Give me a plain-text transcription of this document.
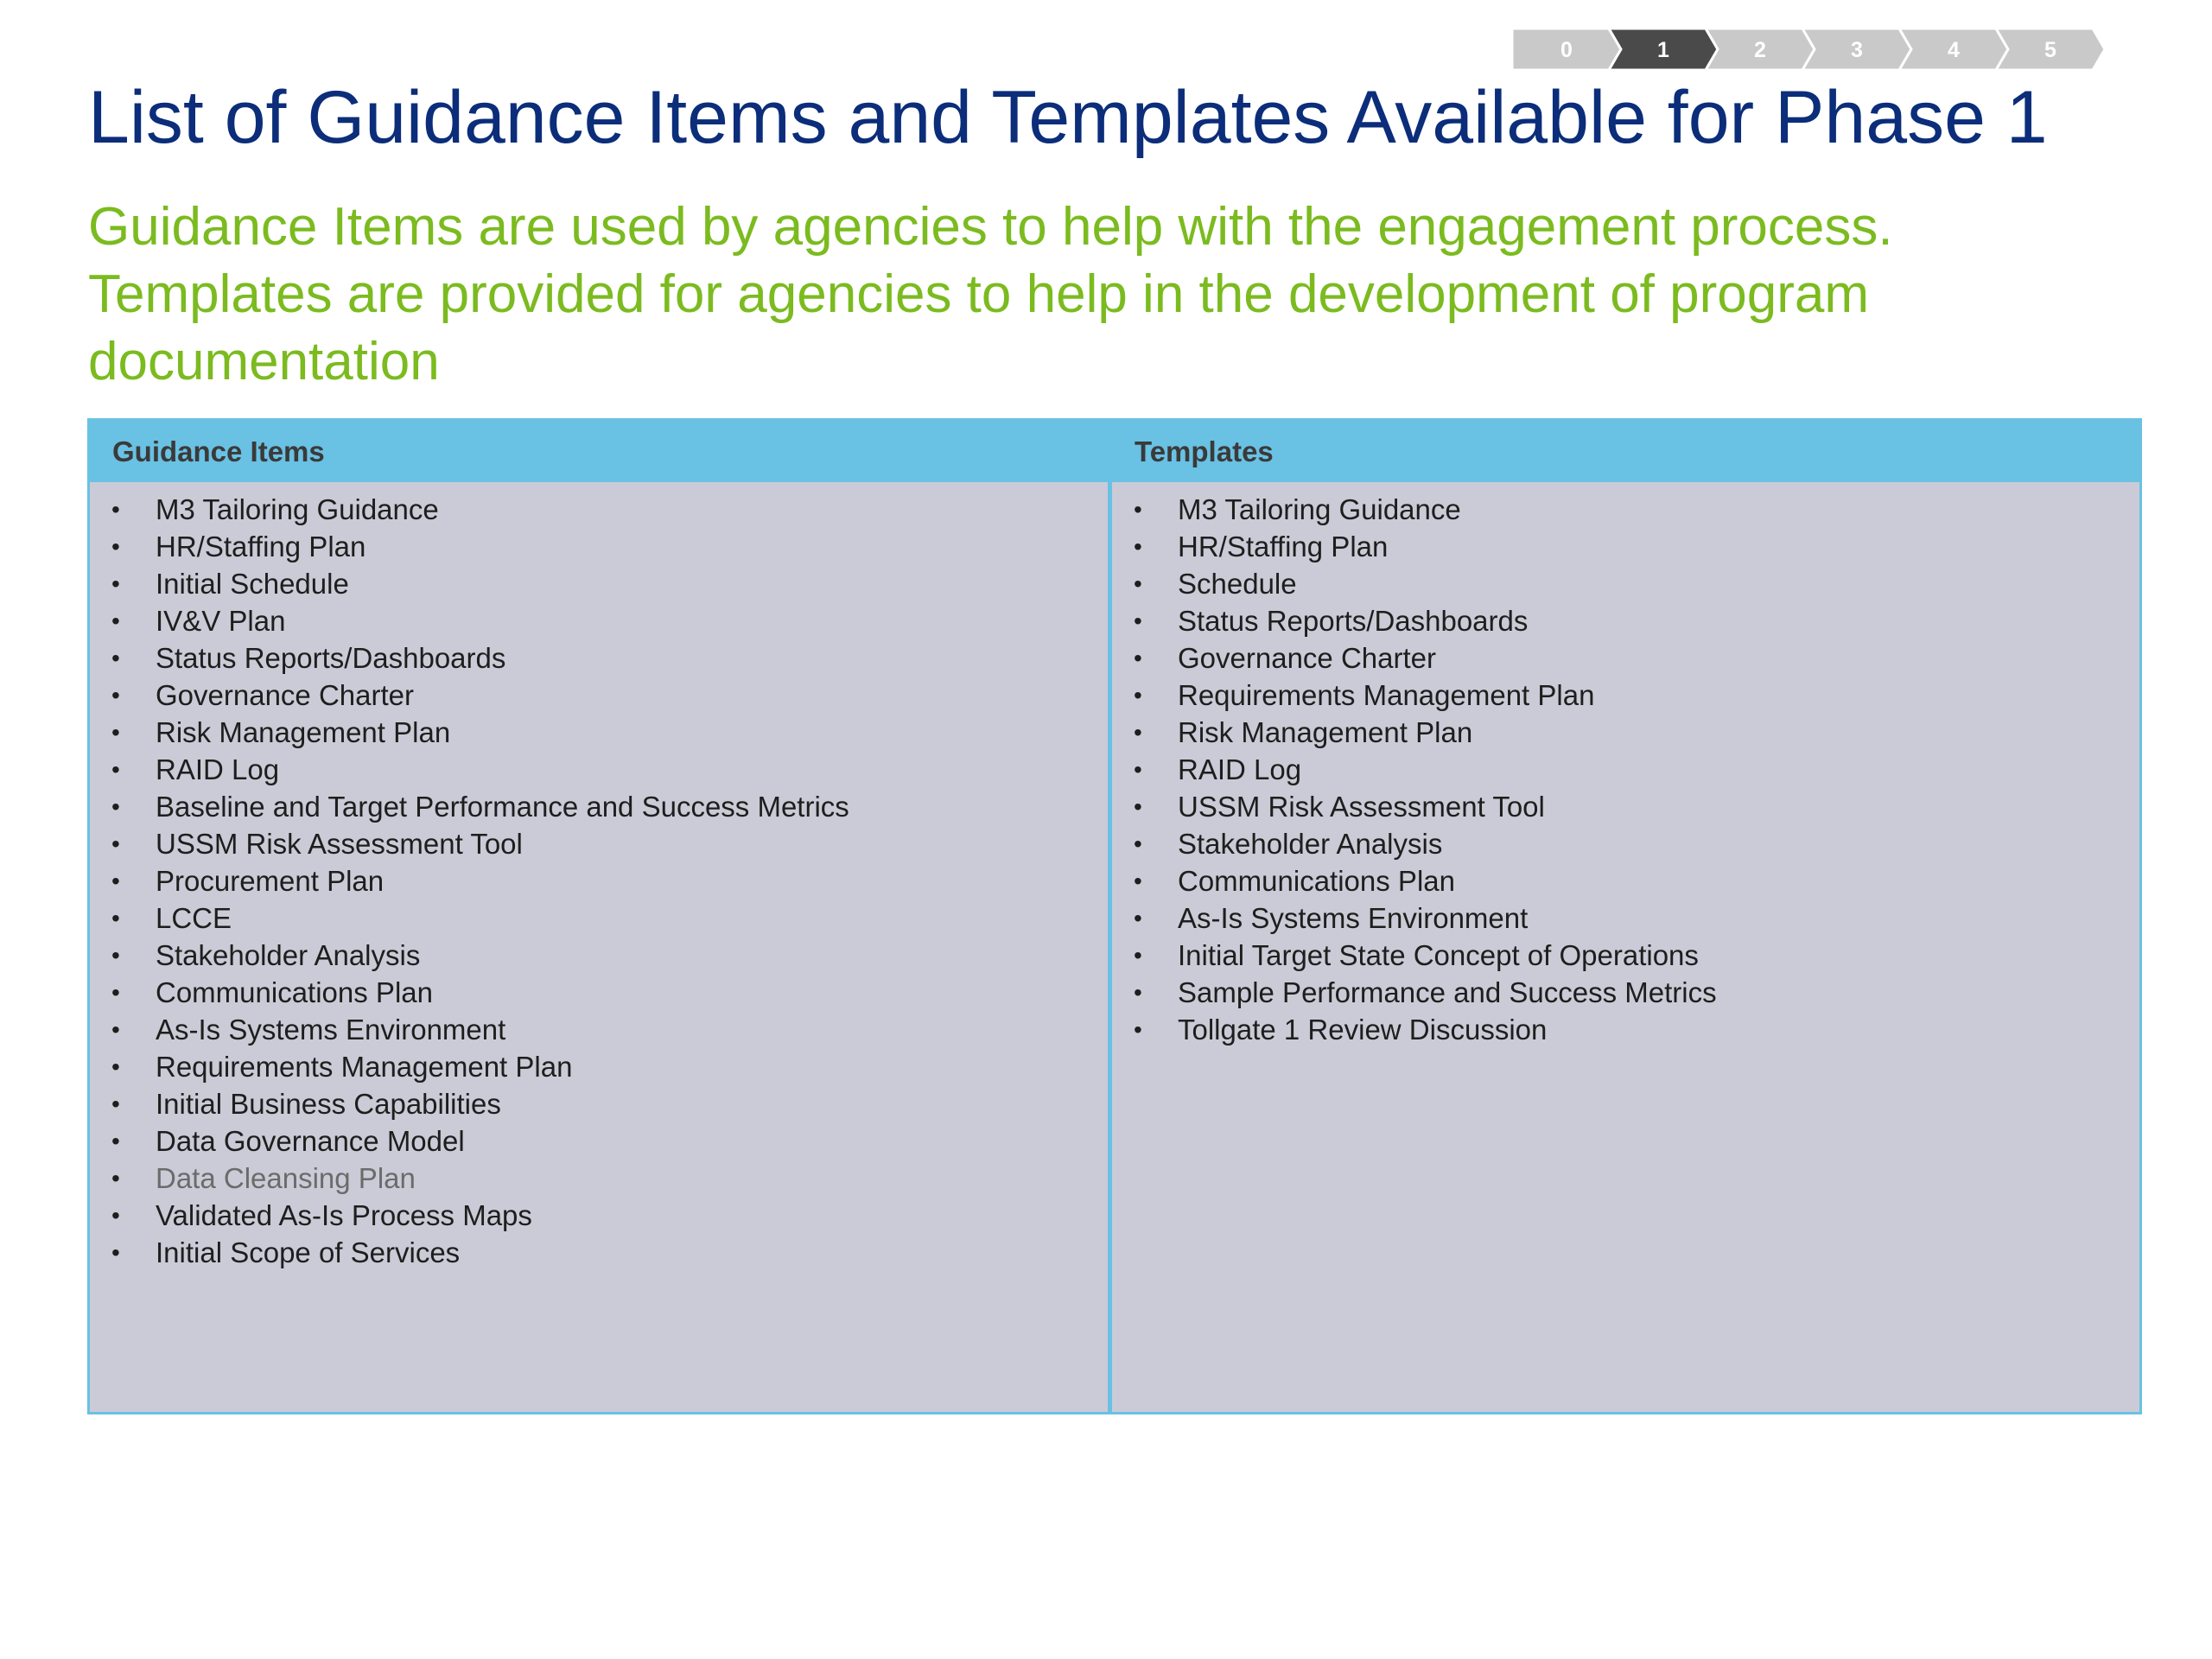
0	1	2	3	4	5
List of Guidance Items and Templates Available for Phase 1
Guidance Items are used by agencies to help with the engagement process.
Templates are provided for agencies to help in the development of program
documentation
Guidance Items
• M3 Tailoring Guidance
• HR/Staffing Plan
• Initial Schedule
• IV&V Plan
• Status Reports/Dashboards
• Governance Charter
• Risk Management Plan
• RAID Log
• Baseline and Target Performance and Success Metrics
• USSM Risk Assessment Tool
• Procurement Plan
• LCCE
• Stakeholder Analysis
• Communications Plan
• As-Is Systems Environment
• Requirements Management Plan
• Initial Business Capabilities
• Data Governance Model
• Data Cleansing Plan
• Validated As-Is Process Maps
• Initial Scope of Services
Templates
• M3 Tailoring Guidance
• HR/Staffing Plan
• Schedule
• Status Reports/Dashboards
• Governance Charter
• Requirements Management Plan
• Risk Management Plan
• RAID Log
• USSM Risk Assessment Tool
• Stakeholder Analysis
• Communications Plan
• As-Is Systems Environment
• Initial Target State Concept of Operations
• Sample Performance and Success Metrics
• Tollgate 1 Review Discussion
